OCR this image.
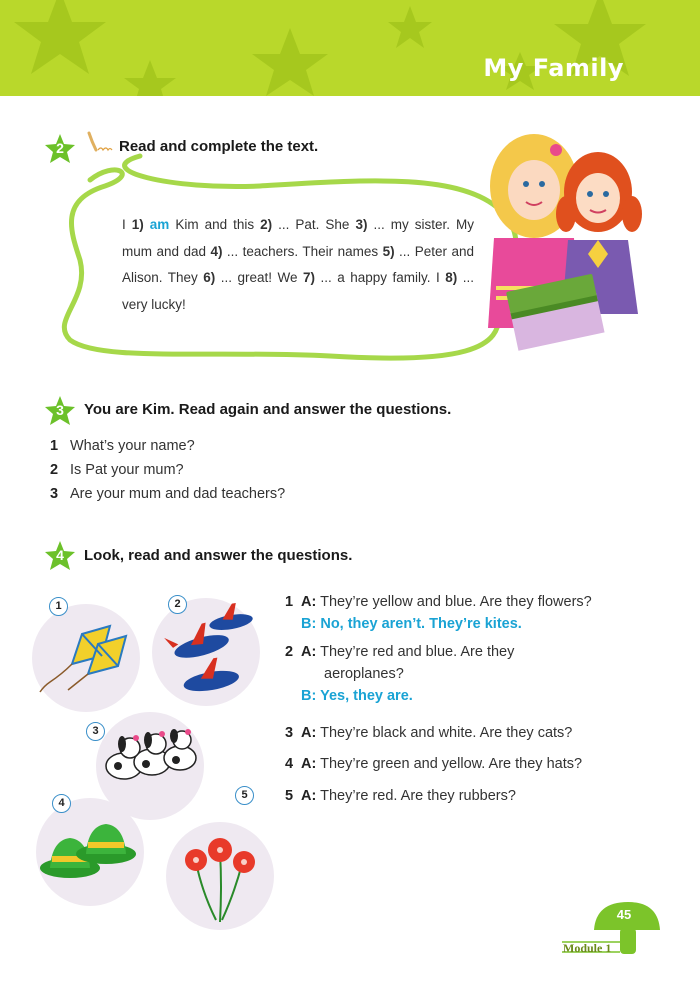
My Family
2	Read and complete the text.
I 1) am Kim and this 2) ... Pat. She 3) ... my sister. My mum and dad 4) ... teachers. Their names 5) ... Peter and Alison. They 6) ... great! We 7) ... a happy family. I 8) ... very lucky!
3	You are Kim. Read again and answer the questions.
1 What’s your name?
2 Is Pat your mum?
3 Are your mum and dad teachers?
4	Look, read and answer the questions.
1	2
3
4
5
1 A: They’re yellow and blue. Are they flowers?
B: No, they aren’t. They’re kites.
2 A: They’re red and blue. Are they
aeroplanes?
B: Yes, they are.
3 A: They’re black and white. Are they cats?
4 A: They’re green and yellow. Are they hats?
5 A: They’re red. Are they rubbers?
45
Module 1
